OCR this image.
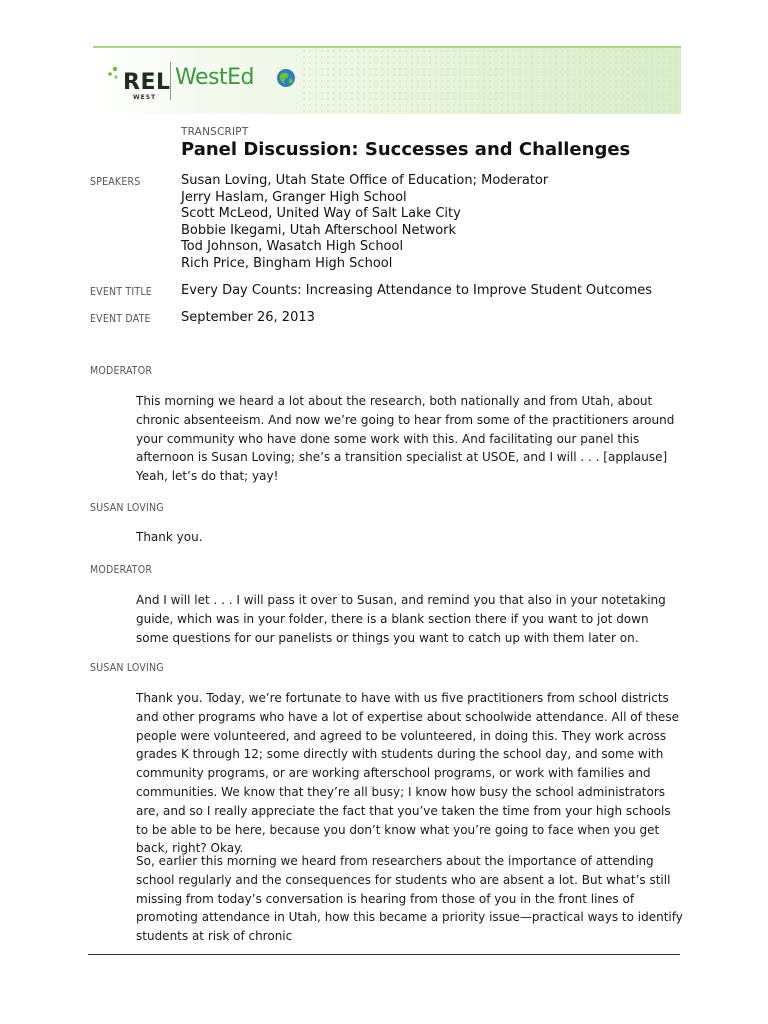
REL
WEST
WestEd
TRANSCRIPT
Panel Discussion: Successes and Challenges
SPEAKERS	Susan Loving, Utah State Office of Education; Moderator
Jerry Haslam, Granger High School
Scott McLeod, United Way of Salt Lake City
Bobbie Ikegami, Utah Afterschool Network
Tod Johnson, Wasatch High School
Rich Price, Bingham High School
EVENT TITLE Every Day Counts: Increasing Attendance to Improve Student Outcomes
EVENT DATE September 26, 2013
MODERATOR

This morning we heard a lot about the research, both nationally and from Utah, about chronic absenteeism. And now we’re going to hear from some of the practitioners around your community who have done some work with this. And facilitating our panel this afternoon is Susan Loving; she’s a transition specialist at USOE, and I will . . . [applause] Yeah, let’s do that; yay!

SUSAN LOVING

Thank you.

MODERATOR

And I will let . . . I will pass it over to Susan, and remind you that also in your notetaking guide, which was in your folder, there is a blank section there if you want to jot down some questions for our panelists or things you want to catch up with them later on.

SUSAN LOVING

Thank you. Today, we’re fortunate to have with us five practitioners from school districts and other programs who have a lot of expertise about schoolwide attendance. All of these people were volunteered, and agreed to be volunteered, in doing this. They work across grades K through 12; some directly with students during the school day, and some with community programs, or are working afterschool programs, or work with families and communities. We know that they’re all busy; I know how busy the school administrators are, and so I really appreciate the fact that you’ve taken the time from your high schools to be able to be here, because you don’t know what you’re going to face when you get back, right? Okay.

So, earlier this morning we heard from researchers about the importance of attending school regularly and the consequences for students who are absent a lot. But what’s still missing from today’s conversation is hearing from those of you in the front lines of promoting attendance in Utah, how this became a priority issue—practical ways to identify students at risk of chronic
